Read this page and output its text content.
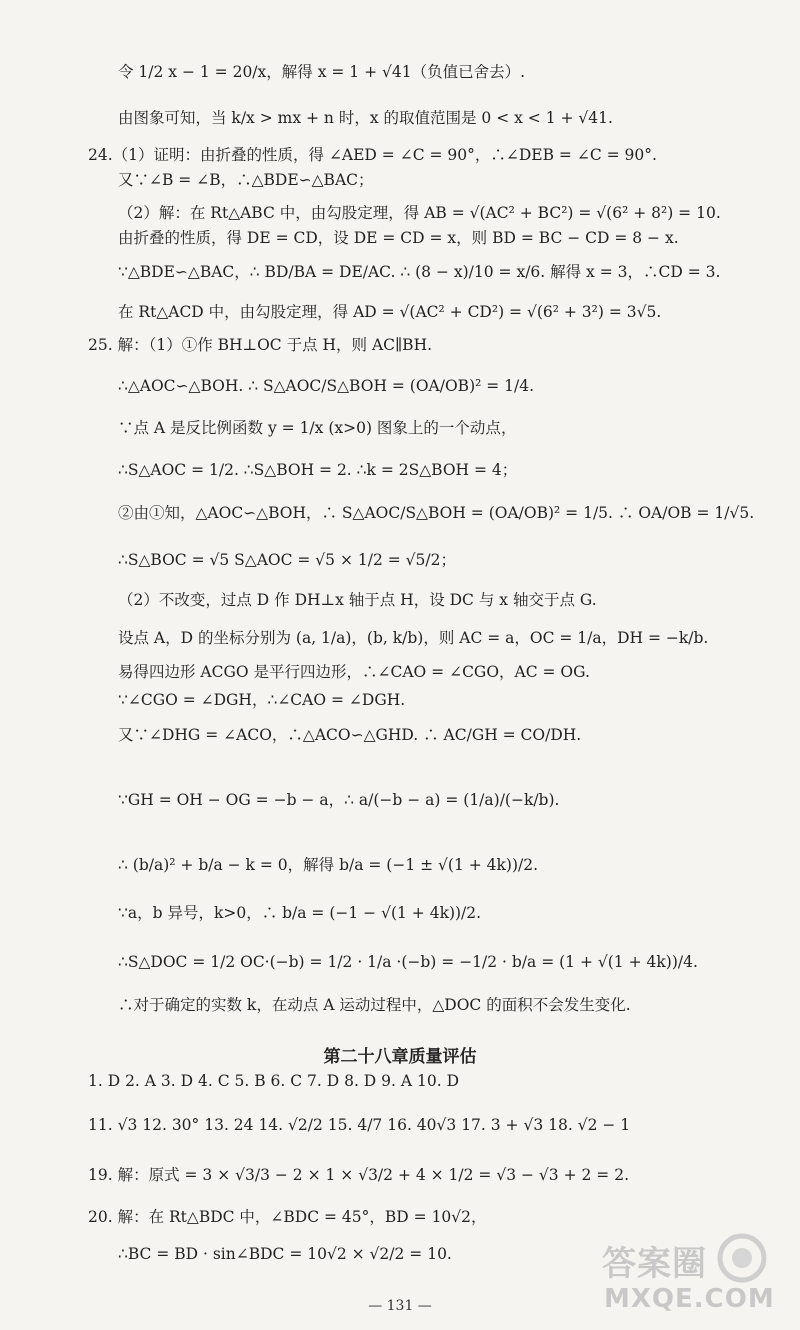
令 1/2 x − 1 = 20/x，解得 x = 1 + √41（负值已舍去）.
由图象可知，当 k/x > mx + n 时，x 的取值范围是 0 < x < 1 + √41.
24.（1）证明：由折叠的性质，得 ∠AED = ∠C = 90°，∴∠DEB = ∠C = 90°.
又∵∠B = ∠B，∴△BDE∽△BAC；
（2）解：在 Rt△ABC 中，由勾股定理，得 AB = √(AC² + BC²) = √(6² + 8²) = 10.
由折叠的性质，得 DE = CD，设 DE = CD = x，则 BD = BC − CD = 8 − x.
∵△BDE∽△BAC，∴ BD/BA = DE/AC. ∴ (8 − x)/10 = x/6. 解得 x = 3，∴CD = 3.
在 Rt△ACD 中，由勾股定理，得 AD = √(AC² + CD²) = √(6² + 3²) = 3√5.
25. 解：（1）①作 BH⊥OC 于点 H，则 AC∥BH.
∴△AOC∽△BOH. ∴ S△AOC/S△BOH = (OA/OB)² = 1/4.
∵点 A 是反比例函数 y = 1/x (x>0) 图象上的一个动点，
∴S△AOC = 1/2. ∴S△BOH = 2. ∴k = 2S△BOH = 4；
②由①知，△AOC∽△BOH，∴ S△AOC/S△BOH = (OA/OB)² = 1/5. ∴ OA/OB = 1/√5.
∴S△BOC = √5 S△AOC = √5 × 1/2 = √5/2；
（2）不改变，过点 D 作 DH⊥x 轴于点 H，设 DC 与 x 轴交于点 G.
设点 A，D 的坐标分别为 (a, 1/a)，(b, k/b)，则 AC = a，OC = 1/a，DH = −k/b.
易得四边形 ACGO 是平行四边形，∴∠CAO = ∠CGO，AC = OG.
∵∠CGO = ∠DGH，∴∠CAO = ∠DGH.
又∵∠DHG = ∠ACO，∴△ACO∽△GHD. ∴ AC/GH = CO/DH.
∵GH = OH − OG = −b − a，∴ a/(−b − a) = (1/a)/(−k/b).
∴ (b/a)² + b/a − k = 0，解得 b/a = (−1 ± √(1 + 4k))/2.
∵a，b 异号，k>0，∴ b/a = (−1 − √(1 + 4k))/2.
∴S△DOC = 1/2 OC·(−b) = 1/2 · 1/a ·(−b) = −1/2 · b/a = (1 + √(1 + 4k))/4.
∴对于确定的实数 k，在动点 A 运动过程中，△DOC 的面积不会发生变化.
第二十八章质量评估
1. D 2. A 3. D 4. C 5. B 6. C 7. D 8. D 9. A 10. D
11. √3 12. 30° 13. 24 14. √2/2 15. 4/7 16. 40√3 17. 3 + √3 18. √2 − 1
19. 解：原式 = 3 × √3/3 − 2 × 1 × √3/2 + 4 × 1/2 = √3 − √3 + 2 = 2.
20. 解：在 Rt△BDC 中，∠BDC = 45°，BD = 10√2，
∴BC = BD · sin∠BDC = 10√2 × √2/2 = 10.
— 131 —
答案圈
MXQE.COM
